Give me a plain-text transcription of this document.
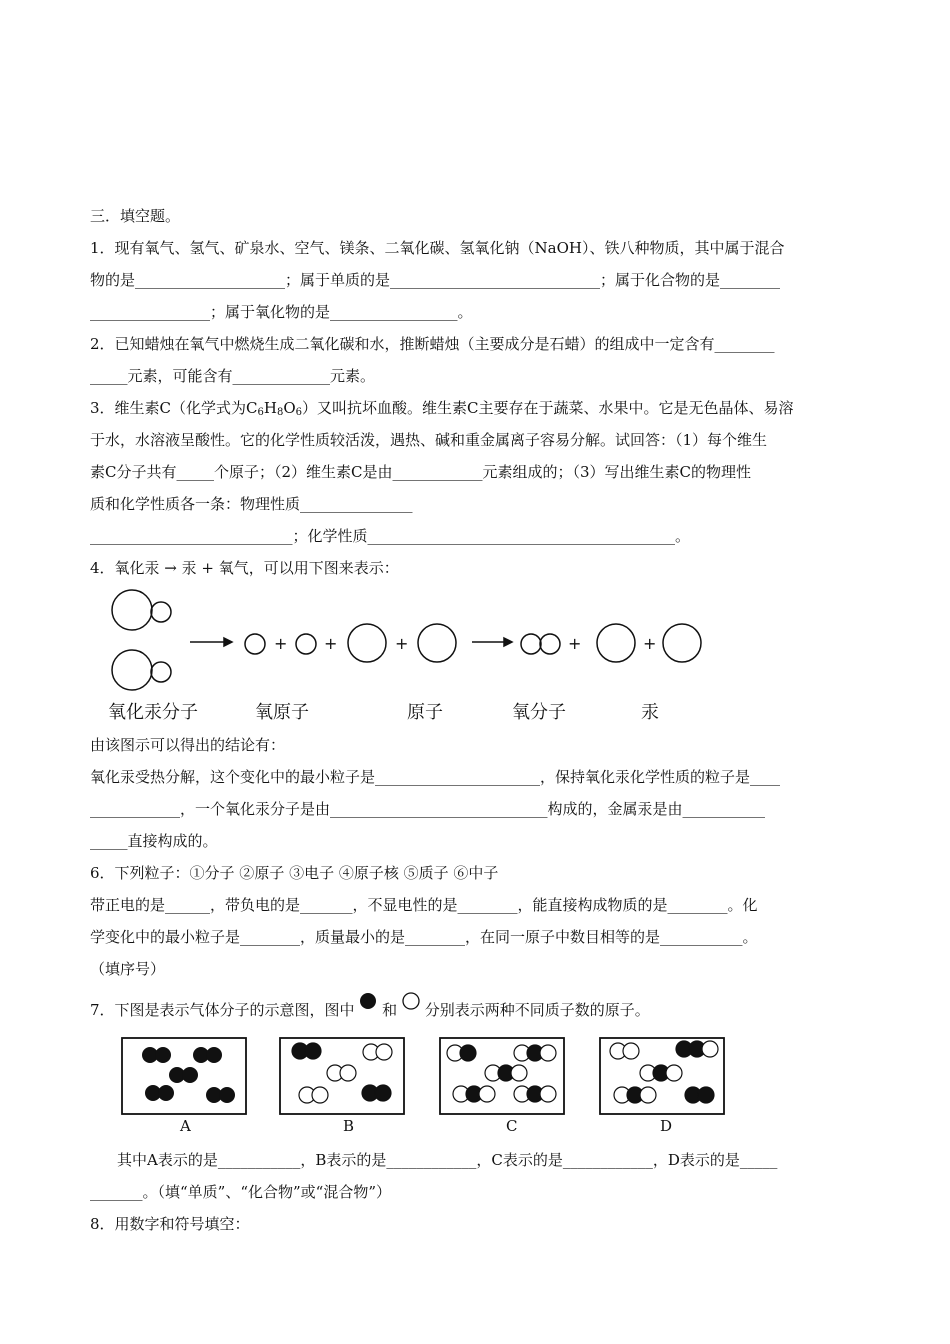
三．填空题。
1．现有氧气、氢气、矿泉水、空气、镁条、二氧化碳、氢氧化钠（NaOH）、铁八种物质，其中属于混合
物的是____________________；属于单质的是____________________________；属于化合物的是________
________________；属于氧化物的是_________________。
2．已知蜡烛在氧气中燃烧生成二氧化碳和水，推断蜡烛（主要成分是石蜡）的组成中一定含有________
_____元素，可能含有_____________元素。
3．维生素C（化学式为$C_6H_8O_6$）又叫抗坏血酸。维生素C主要存在于蔬菜、水果中。它是无色晶体、易溶
于水，水溶液呈酸性。它的化学性质较活泼，遇热、碱和重金属离子容易分解。试回答：（1）每个维生
素C分子共有_____个原子；（2）维生素C是由____________元素组成的；（3）写出维生素C的物理性
质和化学性质各一条：物理性质_______________
___________________________；化学性质_________________________________________。
4．氧化汞 → 汞 + 氧气，可以用下图来表示：
+ +	+	+	+
氧化汞分子	氧原子	原子	氧分子	汞
由该图示可以得出的结论有：
氧化汞受热分解，这个变化中的最小粒子是______________________，保持氧化汞化学性质的粒子是____
____________，一个氧化汞分子是由_____________________________构成的，金属汞是由___________
_____直接构成的。
6．下列粒子：①分子 ②原子 ③电子 ④原子核 ⑤质子 ⑥中子
带正电的是______，带负电的是_______，不显电性的是________，能直接构成物质的是________。化
学变化中的最小粒子是________，质量最小的是________，在同一原子中数目相等的是___________。
（填序号）
7．下图是表示气体分子的示意图，图中 和 分别表示两种不同质子数的原子。
A	B	C	D
其中A表示的是___________，B表示的是____________，C表示的是____________，D表示的是_____
_______。（填“单质”、“化合物”或“混合物”）
8．用数字和符号填空：
